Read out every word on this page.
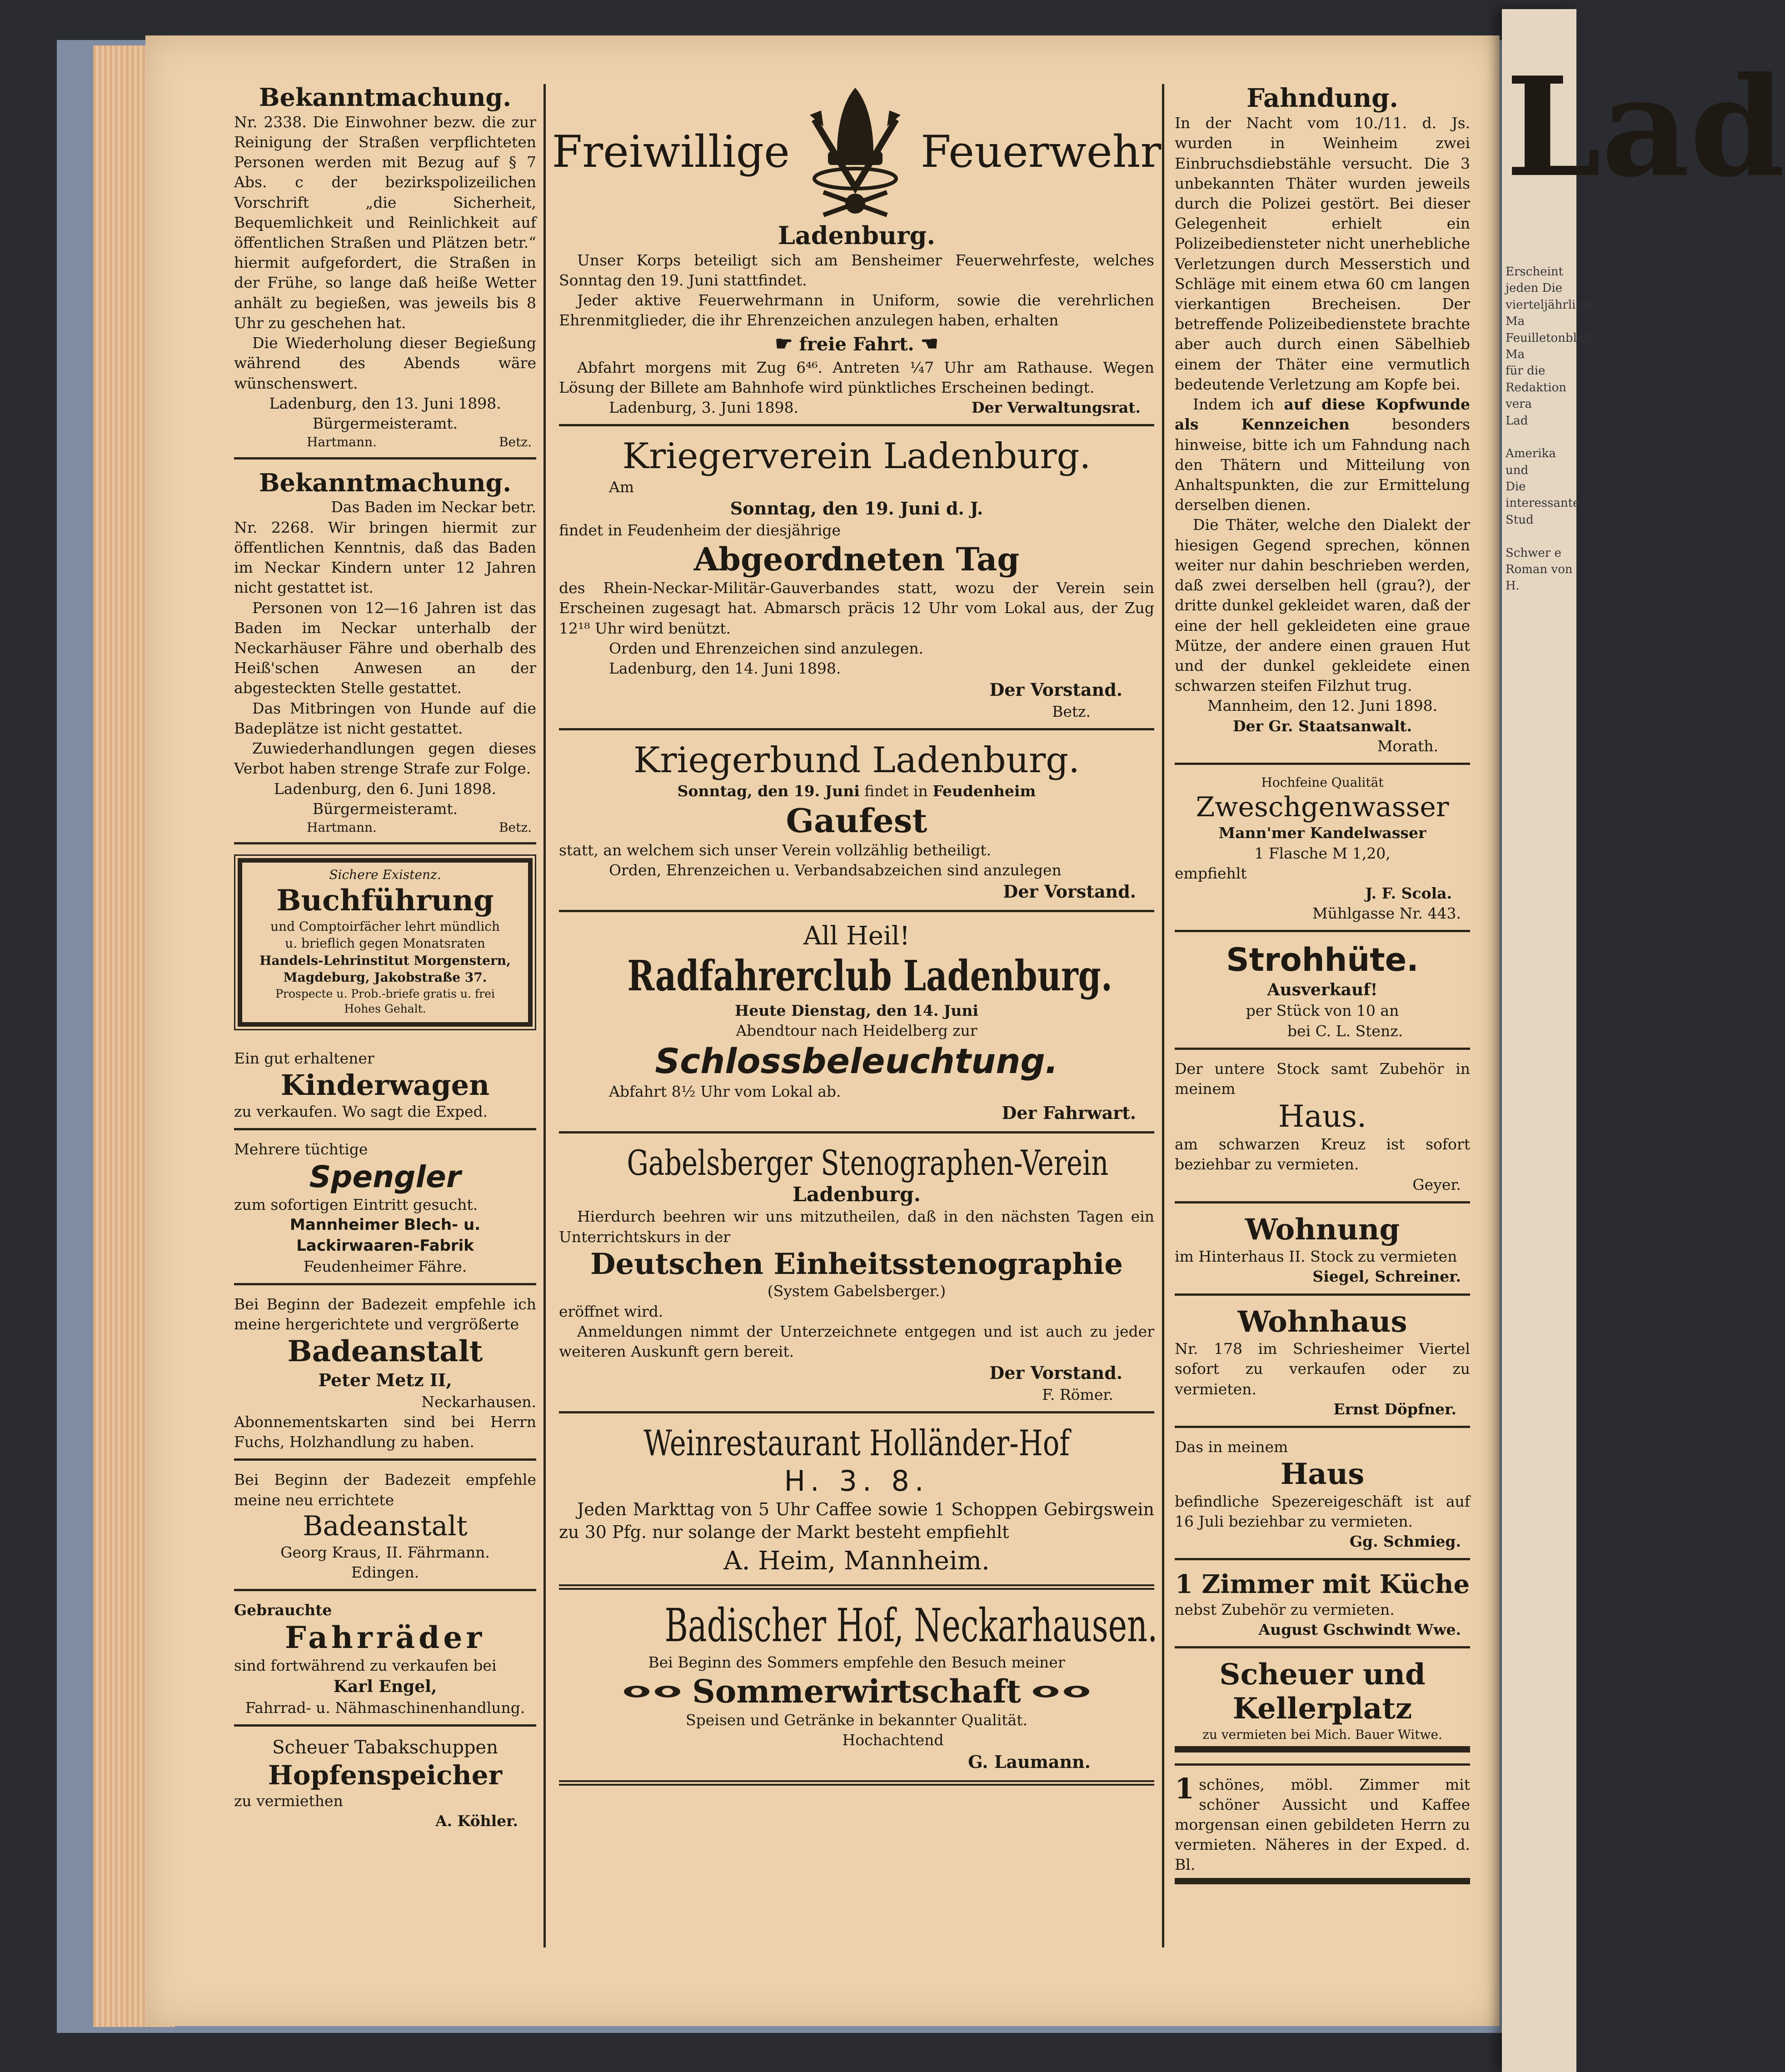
Lad
Erscheint jeden Die
vierteljährlich Ma
Feuilletonblatt Ma
für die Redaktion vera
Lad

Amerika und
Die interessante Stud

Schwer e
Roman von H.

Bekanntmachung.

Nr. 2338. Die Einwohner bezw. die zur Reinigung der Straßen verpflichteten Personen werden mit Bezug auf § 7 Abs. c der bezirkspolizeilichen Vorschrift „die Sicherheit, Bequemlichkeit und Reinlichkeit auf öffentlichen Straßen und Plätzen betr.“ hiermit aufgefordert, die Straßen in der Frühe, so lange daß heiße Wetter anhält zu begießen, was jeweils bis 8 Uhr zu geschehen hat.

Die Wiederholung dieser Begießung während des Abends wäre wünschenswert.

Ladenburg, den 13. Juni 1898.

Bürgermeisteramt.

Hartmann.	Betz.

Bekanntmachung.

Das Baden im Neckar betr.

Nr. 2268. Wir bringen hiermit zur öffentlichen Kenntnis, daß das Baden im Neckar Kindern unter 12 Jahren nicht gestattet ist.

Personen von 12—16 Jahren ist das Baden im Neckar unterhalb der Neckarhäuser Fähre und oberhalb des Heiß'schen Anwesen an der abgesteckten Stelle gestattet.

Das Mitbringen von Hunde auf die Badeplätze ist nicht gestattet.

Zuwiederhandlungen gegen dieses Verbot haben strenge Strafe zur Folge.

Ladenburg, den 6. Juni 1898.

Bürgermeisteramt.

Hartmann.	Betz.

Sichere Existenz.

Buchführung

und Comptoirfächer lehrt mündlich

u. brieflich gegen Monatsraten

Handels-Lehrinstitut Morgenstern,

Magdeburg, Jakobstraße 37.

Prospecte u. Prob.-briefe gratis u. frei

Hohes Gehalt.

Ein gut erhaltener

Kinderwagen

zu verkaufen. Wo sagt die Exped.

Mehrere tüchtige

Spengler

zum sofortigen Eintritt gesucht.

Mannheimer Blech- u. Lackirwaaren-Fabrik

Feudenheimer Fähre.

Bei Beginn der Badezeit empfehle ich meine hergerichtete und vergrößerte

Badeanstalt

Peter Metz II,

Neckarhausen.

Abonnementskarten sind bei Herrn Fuchs, Holzhandlung zu haben.

Bei Beginn der Badezeit empfehle meine neu errichtete

Badeanstalt

Georg Kraus, II. Fährmann.

Edingen.

Gebrauchte

Fahrräder

sind fortwährend zu verkaufen bei

Karl Engel,

Fahrrad- u. Nähmaschinenhandlung.

Scheuer Tabakschuppen

Hopfenspeicher

zu vermiethen

A. Köhler.

Freiwillige	Feuerwehr

Ladenburg.

Unser Korps beteiligt sich am Bensheimer Feuerwehrfeste, welches Sonntag den 19. Juni stattfindet.

Jeder aktive Feuerwehrmann in Uniform, sowie die verehrlichen Ehrenmitglieder, die ihr Ehrenzeichen anzulegen haben, erhalten

☛ freie Fahrt. ☚

Abfahrt morgens mit Zug 6⁴⁶. Antreten ¼7 Uhr am Rathause. Wegen Lösung der Billete am Bahnhofe wird pünktliches Erscheinen bedingt.

Ladenburg, 3. Juni 1898.	Der Verwaltungsrat.

Kriegerverein Ladenburg.

Am

Sonntag, den 19. Juni d. J.

findet in Feudenheim der diesjährige

Abgeordneten Tag

des Rhein-Neckar-Militär-Gauverbandes statt, wozu der Verein sein Erscheinen zugesagt hat. Abmarsch präcis 12 Uhr vom Lokal aus, der Zug 12¹⁸ Uhr wird benützt.

Orden und Ehrenzeichen sind anzulegen.

Ladenburg, den 14. Juni 1898.

Der Vorstand.

Betz.

Kriegerbund Ladenburg.

Sonntag, den 19. Juni findet in Feudenheim

Gaufest

statt, an welchem sich unser Verein vollzählig betheiligt.

Orden, Ehrenzeichen u. Verbandsabzeichen sind anzulegen

Der Vorstand.

All Heil!

Radfahrerclub Ladenburg.

Heute Dienstag, den 14. Juni

Abendtour nach Heidelberg zur

Schlossbeleuchtung.

Abfahrt 8½ Uhr vom Lokal ab.

Der Fahrwart.

Gabelsberger Stenographen-Verein

Ladenburg.

Hierdurch beehren wir uns mitzutheilen, daß in den nächsten Tagen ein Unterrichtskurs in der

Deutschen Einheitsstenographie

(System Gabelsberger.)

eröffnet wird.

Anmeldungen nimmt der Unterzeichnete entgegen und ist auch zu jeder weiteren Auskunft gern bereit.

Der Vorstand.

F. Römer.

Weinrestaurant Holländer-Hof

H. 3. 8.

Jeden Markttag von 5 Uhr Caffee sowie 1 Schoppen Gebirgswein zu 30 Pfg. nur solange der Markt besteht empfiehlt

A. Heim, Mannheim.

Badischer Hof, Neckarhausen.

Bei Beginn des Sommers empfehle den Besuch meiner

Sommerwirtschaft

Speisen und Getränke in bekannter Qualität.

Hochachtend

G. Laumann.

Fahndung.

In der Nacht vom 10./11. d. Js. wurden in Weinheim zwei Einbruchsdiebstähle versucht. Die 3 unbekannten Thäter wurden jeweils durch die Polizei gestört. Bei dieser Gelegenheit erhielt ein Polizeibediensteter nicht unerhebliche Verletzungen durch Messerstich und Schläge mit einem etwa 60 cm langen vierkantigen Brecheisen. Der betreffende Polizeibedienstete brachte aber auch durch einen Säbelhieb einem der Thäter eine vermutlich bedeutende Verletzung am Kopfe bei.

Indem ich auf diese Kopfwunde als Kennzeichen	besonders hinweise, bitte ich um Fahndung nach den Thätern und Mitteilung von Anhaltspunkten, die zur Ermittelung derselben dienen.

Die Thäter, welche den Dialekt der hiesigen Gegend sprechen, können weiter nur dahin beschrieben werden, daß zwei derselben hell (grau?), der dritte dunkel gekleidet waren, daß der eine der hell gekleideten eine graue Mütze, der andere einen grauen Hut und der dunkel gekleidete einen schwarzen steifen Filzhut trug.

Mannheim, den 12. Juni 1898.

Der Gr. Staatsanwalt.

Morath.

Hochfeine Qualität

Zweschgenwasser

Mann'mer Kandelwasser

1 Flasche M 1,20,

empfiehlt

J. F. Scola.

Mühlgasse Nr. 443.

Strohhüte.

Ausverkauf!

per Stück von 10 an

bei C. L. Stenz.

Der untere Stock samt Zubehör in meinem

Haus.

am schwarzen Kreuz ist sofort beziehbar zu vermieten.

Geyer.

Wohnung

im Hinterhaus II. Stock zu vermieten

Siegel, Schreiner.

Wohnhaus

Nr. 178 im Schriesheimer Viertel sofort zu verkaufen oder zu vermieten.

Ernst Döpfner.

Das in meinem

Haus

befindliche Spezereigeschäft ist auf 16 Juli beziehbar zu vermieten.

Gg. Schmieg.

1 Zimmer mit Küche

nebst Zubehör zu vermieten.

August Gschwindt Wwe.

Scheuer und

Kellerplatz

zu vermieten bei Mich. Bauer Witwe.

1 schönes, möbl. Zimmer mit schöner Aussicht und Kaffee morgensan einen gebildeten Herrn zu vermieten. Näheres in der Exped. d. Bl.
